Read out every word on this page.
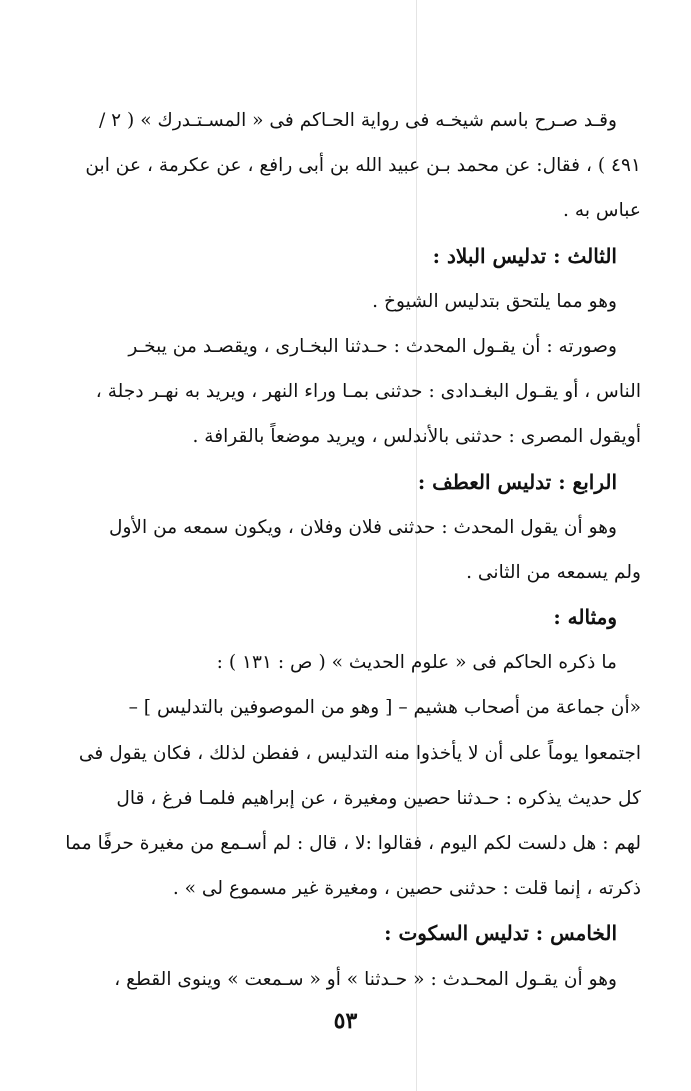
وقـد صـرح باسم شيخـه فى رواية الحـاكم فى « المسـتـدرك » ( ٢ /
٤٩١ ) ، فقال: عن محمد بـن عبيد الله بن أبى رافع ، عن عكرمة ، عن ابن
عباس به .
الثالث : تدليس البلاد :
وهو مما يلتحق بتدليس الشيوخ .
وصورته : أن يقـول المحدث : حـدثنا البخـارى ، ويقصـد من يبخـر
الناس ، أو يقـول البغـدادى : حدثنى بمـا وراء النهر ، ويريد به نهـر دجلة ،
أويقول المصرى : حدثنى بالأندلس ، ويريد موضعاً بالقرافة .
الرابع : تدليس العطف :
وهو أن يقول المحدث : حدثنى فلان وفلان ، ويكون سمعه من الأول
ولم يسمعه من الثانى .
ومثاله :
ما ذكره الحاكم فى « علوم الحديث » ( ص : ١٣١ ) :
«أن جماعة من أصحاب هشيم – [ وهو من الموصوفين بالتدليس ] –
اجتمعوا يوماً على أن لا يأخذوا منه التدليس ، ففطن لذلك ، فكان يقول فى
كل حديث يذكره : حـدثنا حصين ومغيرة ، عن إبراهيم فلمـا فرغ ، قال
لهم : هل دلست لكم اليوم ، فقالوا :لا ، قال : لم أسـمع من مغيرة حرفًا مما
ذكرته ، إنما قلت : حدثنى حصين ، ومغيرة غير مسموع لى » .
الخامس : تدليس السكوت :
وهو أن يقـول المحـدث : « حـدثنا » أو « سـمعت » وينوى القطع ،
٥٣
